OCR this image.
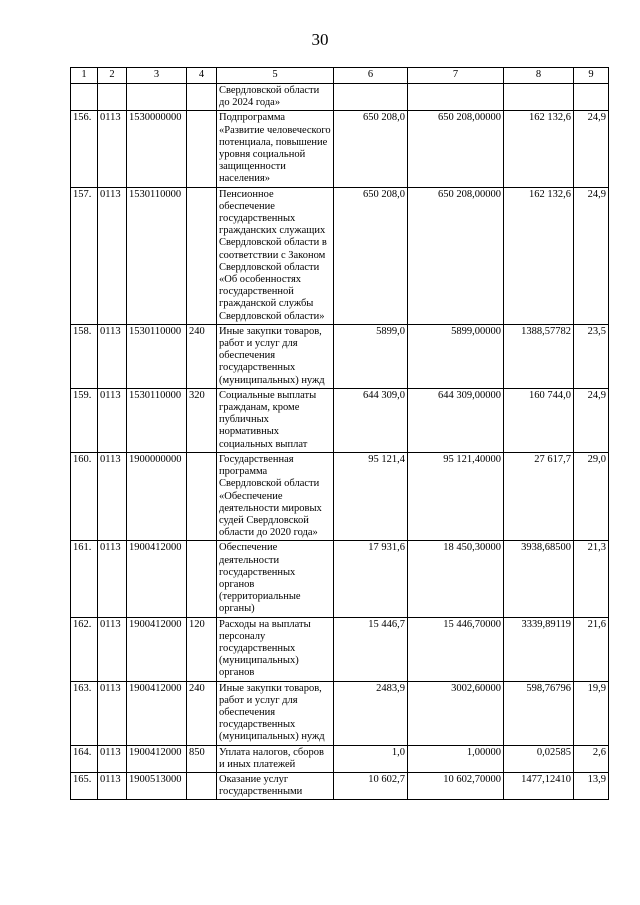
30
1	2	3	4	5	6	7	8	9
				Свердловской области до 2024 года»				
156.	0113	1530000000		Подпрограмма «Развитие человеческого потенциала, повышение уровня социальной защищенности населения»	650 208,0	650 208,00000	162 132,6	24,9
157.	0113	1530110000		Пенсионное обеспечение государственных гражданских служащих Свердловской области в соответствии с Законом Свердловской области «Об особенностях государственной гражданской службы Свердловской области»	650 208,0	650 208,00000	162 132,6	24,9
158.	0113	1530110000	240	Иные закупки товаров, работ и услуг для обеспечения государственных (муниципальных) нужд	5899,0	5899,00000	1388,57782	23,5
159.	0113	1530110000	320	Социальные выплаты гражданам, кроме публичных нормативных социальных выплат	644 309,0	644 309,00000	160 744,0	24,9
160.	0113	1900000000		Государственная программа Свердловской области «Обеспечение деятельности мировых судей Свердловской области до 2020 года»	95 121,4	95 121,40000	27 617,7	29,0
161.	0113	1900412000		Обеспечение деятельности государственных органов (территориальные органы)	17 931,6	18 450,30000	3938,68500	21,3
162.	0113	1900412000	120	Расходы на выплаты персоналу государственных (муниципальных) органов	15 446,7	15 446,70000	3339,89119	21,6
163.	0113	1900412000	240	Иные закупки товаров, работ и услуг для обеспечения государственных (муниципальных) нужд	2483,9	3002,60000	598,76796	19,9
164.	0113	1900412000	850	Уплата налогов, сборов и иных платежей	1,0	1,00000	0,02585	2,6
165.	0113	1900513000		Оказание услуг государственными	10 602,7	10 602,70000	1477,12410	13,9
